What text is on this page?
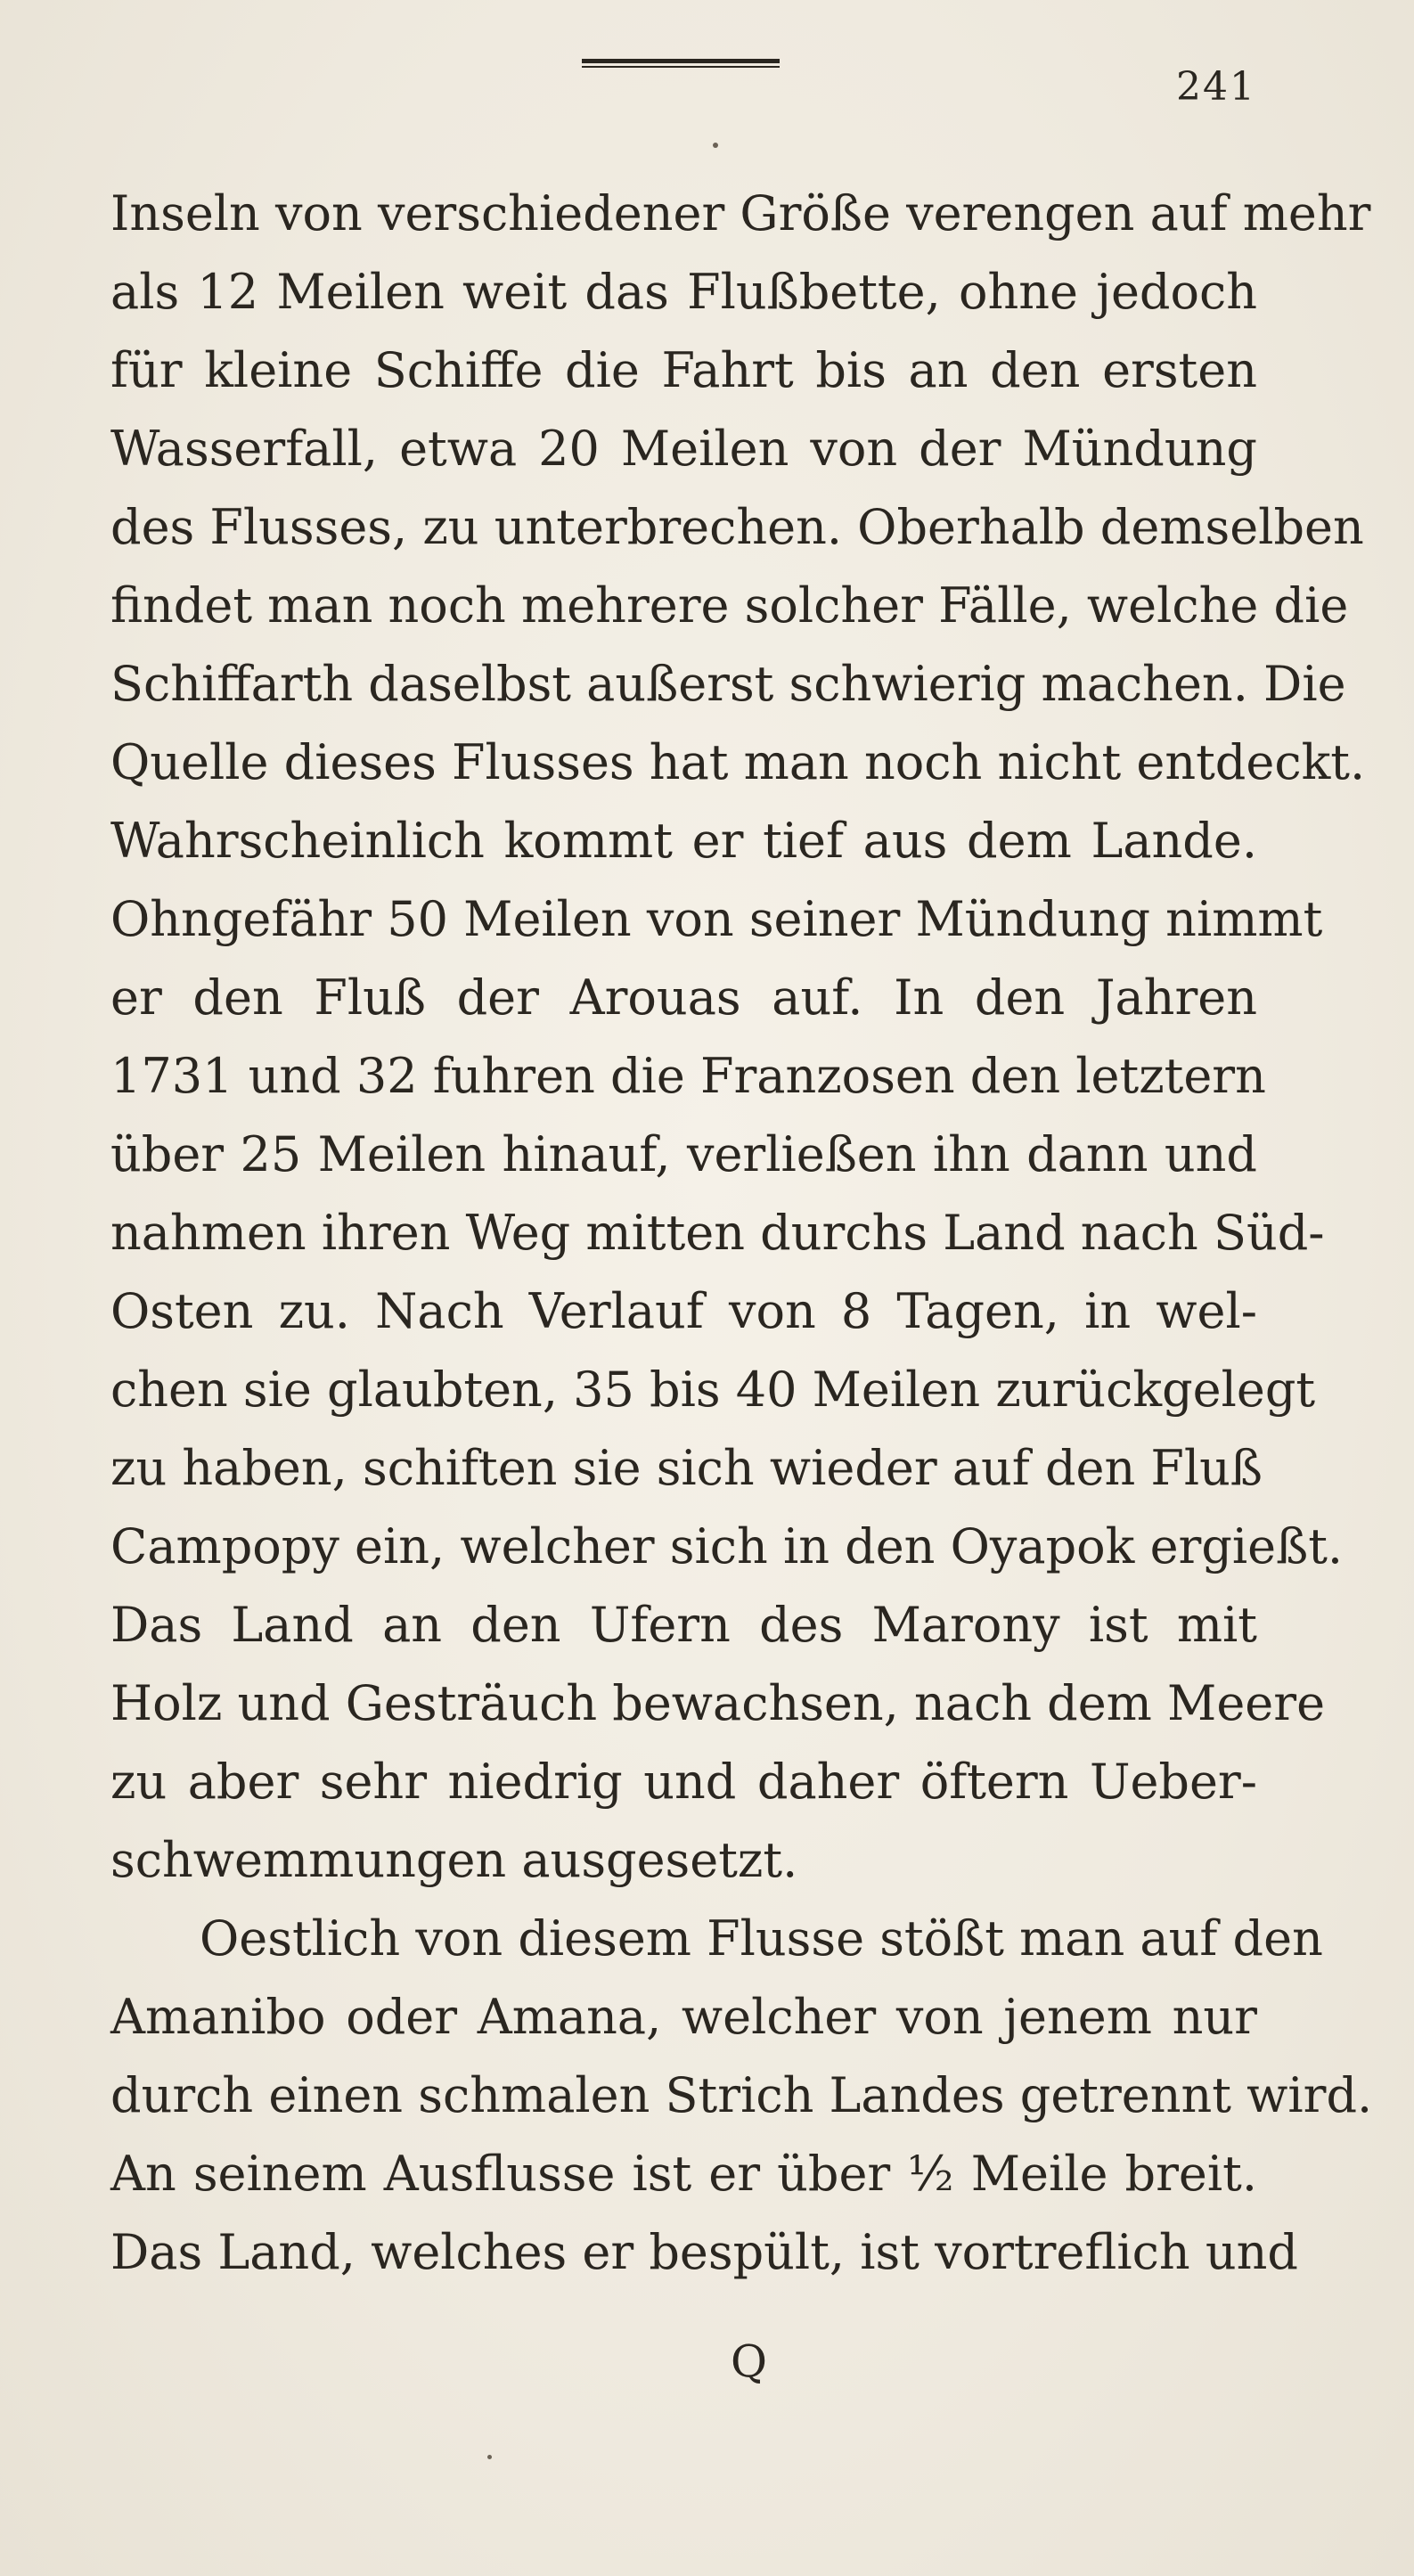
241
Inseln von verschiedener Größe verengen auf mehr
als 12 Meilen weit das Flußbette, ohne jedoch
für kleine Schiffe die Fahrt bis an den ersten
Wasserfall, etwa 20 Meilen von der Mündung
des Flusses, zu unterbrechen. Oberhalb demselben
findet man noch mehrere solcher Fälle, welche die
Schiffarth daselbst außerst schwierig machen. Die
Quelle dieses Flusses hat man noch nicht entdeckt.
Wahrscheinlich kommt er tief aus dem Lande.
Ohngefähr 50 Meilen von seiner Mündung nimmt
er den Fluß der Arouas auf. In den Jahren
1731 und 32 fuhren die Franzosen den letztern
über 25 Meilen hinauf, verließen ihn dann und
nahmen ihren Weg mitten durchs Land nach Süd-
Osten zu. Nach Verlauf von 8 Tagen, in wel-
chen sie glaubten, 35 bis 40 Meilen zurückgelegt
zu haben, schiften sie sich wieder auf den Fluß
Campopy ein, welcher sich in den Oyapok ergießt.
Das Land an den Ufern des Marony ist mit
Holz und Gesträuch bewachsen, nach dem Meere
zu aber sehr niedrig und daher öftern Ueber-
schwemmungen ausgesetzt.
Oestlich von diesem Flusse stößt man auf den
Amanibo oder Amana, welcher von jenem nur
durch einen schmalen Strich Landes getrennt wird.
An seinem Ausflusse ist er über ½ Meile breit.
Das Land, welches er bespült, ist vortreflich und
Q
